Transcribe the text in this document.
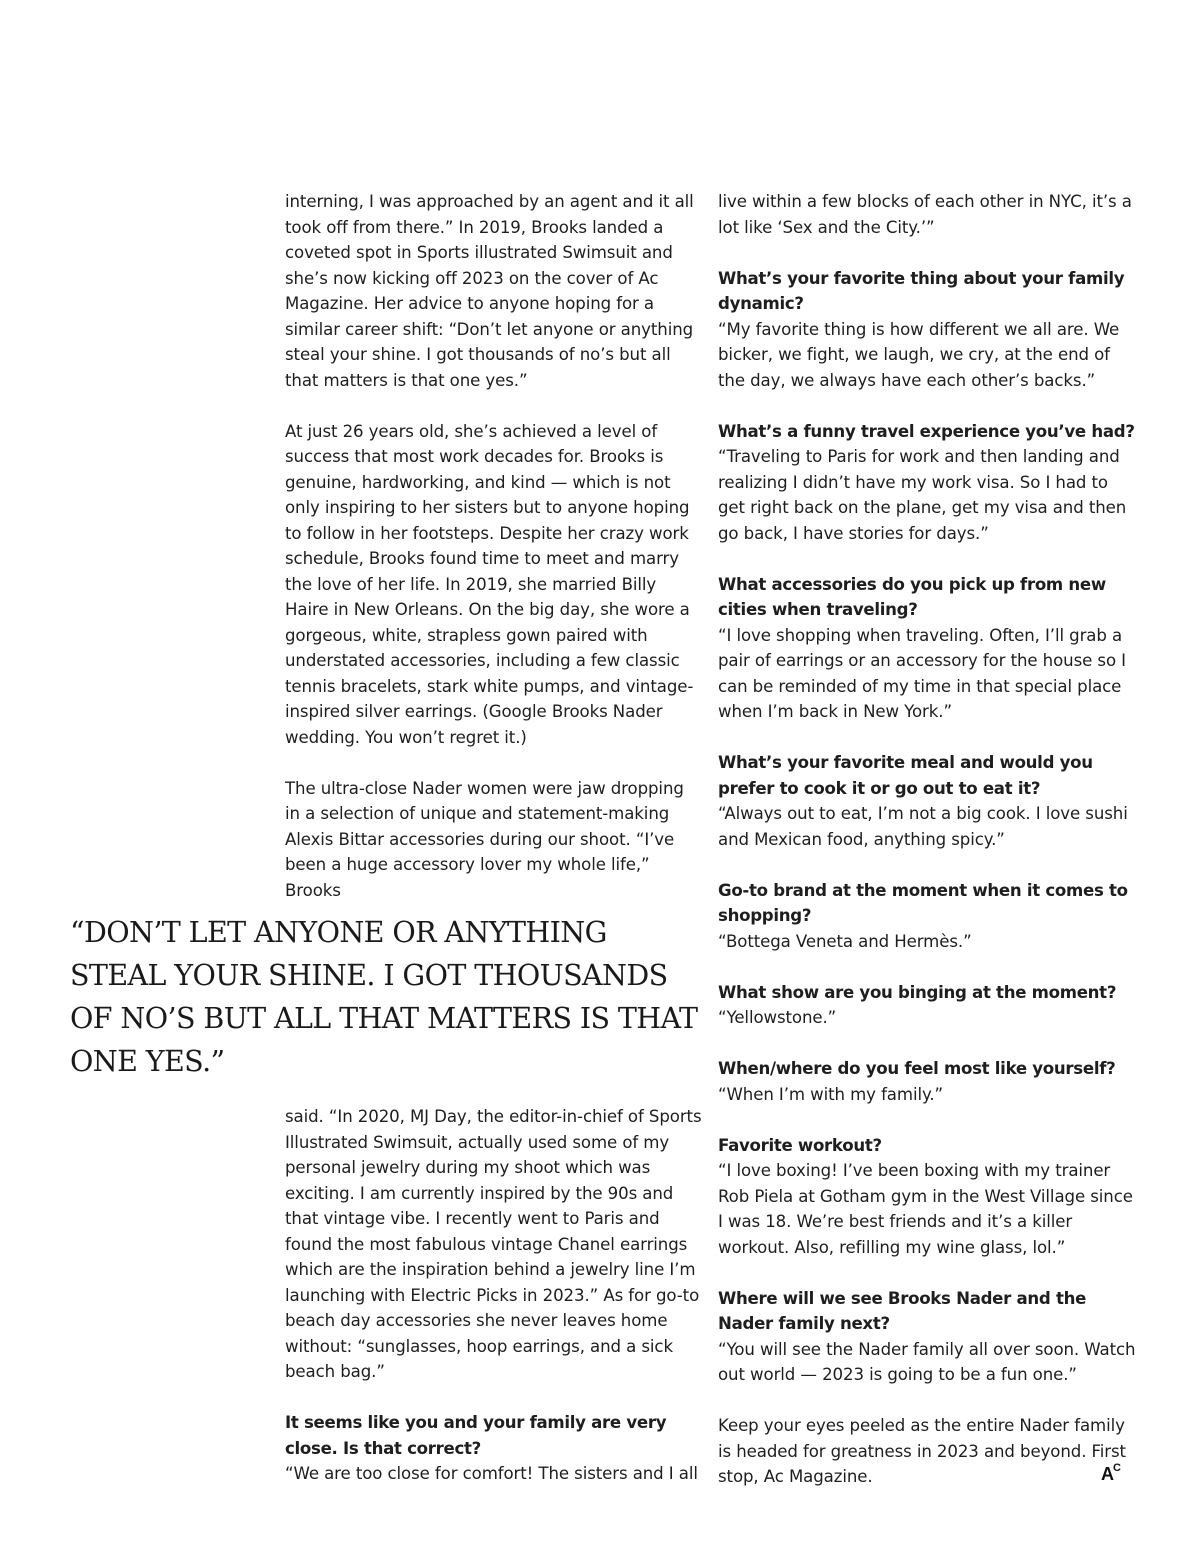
interning, I was approached by an agent and it all took off from there.” In 2019, Brooks landed a coveted spot in Sports illustrated Swimsuit and she’s now kicking off 2023 on the cover of Ac Magazine. Her advice to anyone hoping for a similar career shift: “Don’t let anyone or anything steal your shine. I got thousands of no’s but all that matters is that one yes.”

At just 26 years old, she’s achieved a level of success that most work decades for. Brooks is genuine, hardworking, and kind — which is not only inspiring to her sisters but to anyone hoping to follow in her footsteps. Despite her crazy work schedule, Brooks found time to meet and marry the love of her life. In 2019, she married Billy Haire in New Orleans. On the big day, she wore a gorgeous, white, strapless gown paired with understated accessories, including a few classic tennis bracelets, stark white pumps, and vintage-inspired silver earrings. (Google Brooks Nader wedding. You won’t regret it.)

The ultra-close Nader women were jaw dropping in a selection of unique and statement-making Alexis Bittar accessories during our shoot. “I’ve been a huge accessory lover my whole life,” Brooks

“DON’T LET ANYONE OR ANYTHING STEAL YOUR SHINE. I GOT THOUSANDS OF NO’S BUT ALL THAT MATTERS IS THAT ONE YES.”

said. “In 2020, MJ Day, the editor-in-chief of Sports Illustrated Swimsuit, actually used some of my personal jewelry during my shoot which was exciting. I am currently inspired by the 90s and that vintage vibe. I recently went to Paris and found the most fabulous vintage Chanel earrings which are the inspiration behind a jewelry line I’m launching with Electric Picks in 2023.” As for go-to beach day accessories she never leaves home without: “sunglasses, hoop earrings, and a sick beach bag.”

It seems like you and your family are very close. Is that correct?
“We are too close for comfort! The sisters and I all

live within a few blocks of each other in NYC, it’s a lot like ‘Sex and the City.’”

What’s your favorite thing about your family dynamic?
“My favorite thing is how different we all are. We bicker, we fight, we laugh, we cry, at the end of the day, we always have each other’s backs.”

What’s a funny travel experience you’ve had?
“Traveling to Paris for work and then landing and realizing I didn’t have my work visa. So I had to get right back on the plane, get my visa and then go back, I have stories for days.”

What accessories do you pick up from new cities when traveling?
“I love shopping when traveling. Often, I’ll grab a pair of earrings or an accessory for the house so I can be reminded of my time in that special place when I’m back in New York.”

What’s your favorite meal and would you prefer to cook it or go out to eat it?
“Always out to eat, I’m not a big cook. I love sushi and Mexican food, anything spicy.”

Go-to brand at the moment when it comes to shopping?
“Bottega Veneta and Hermès.”

What show are you binging at the moment?
“Yellowstone.”

When/where do you feel most like yourself?
“When I’m with my family.”

Favorite workout?
“I love boxing! I’ve been boxing with my trainer Rob Piela at Gotham gym in the West Village since I was 18. We’re best friends and it’s a killer workout. Also, refilling my wine glass, lol.”

Where will we see Brooks Nader and the Nader family next?
“You will see the Nader family all over soon. Watch out world — 2023 is going to be a fun one.”

Keep your eyes peeled as the entire Nader family is headed for greatness in 2023 and beyond. First stop, Ac Magazine.	$A^C$
